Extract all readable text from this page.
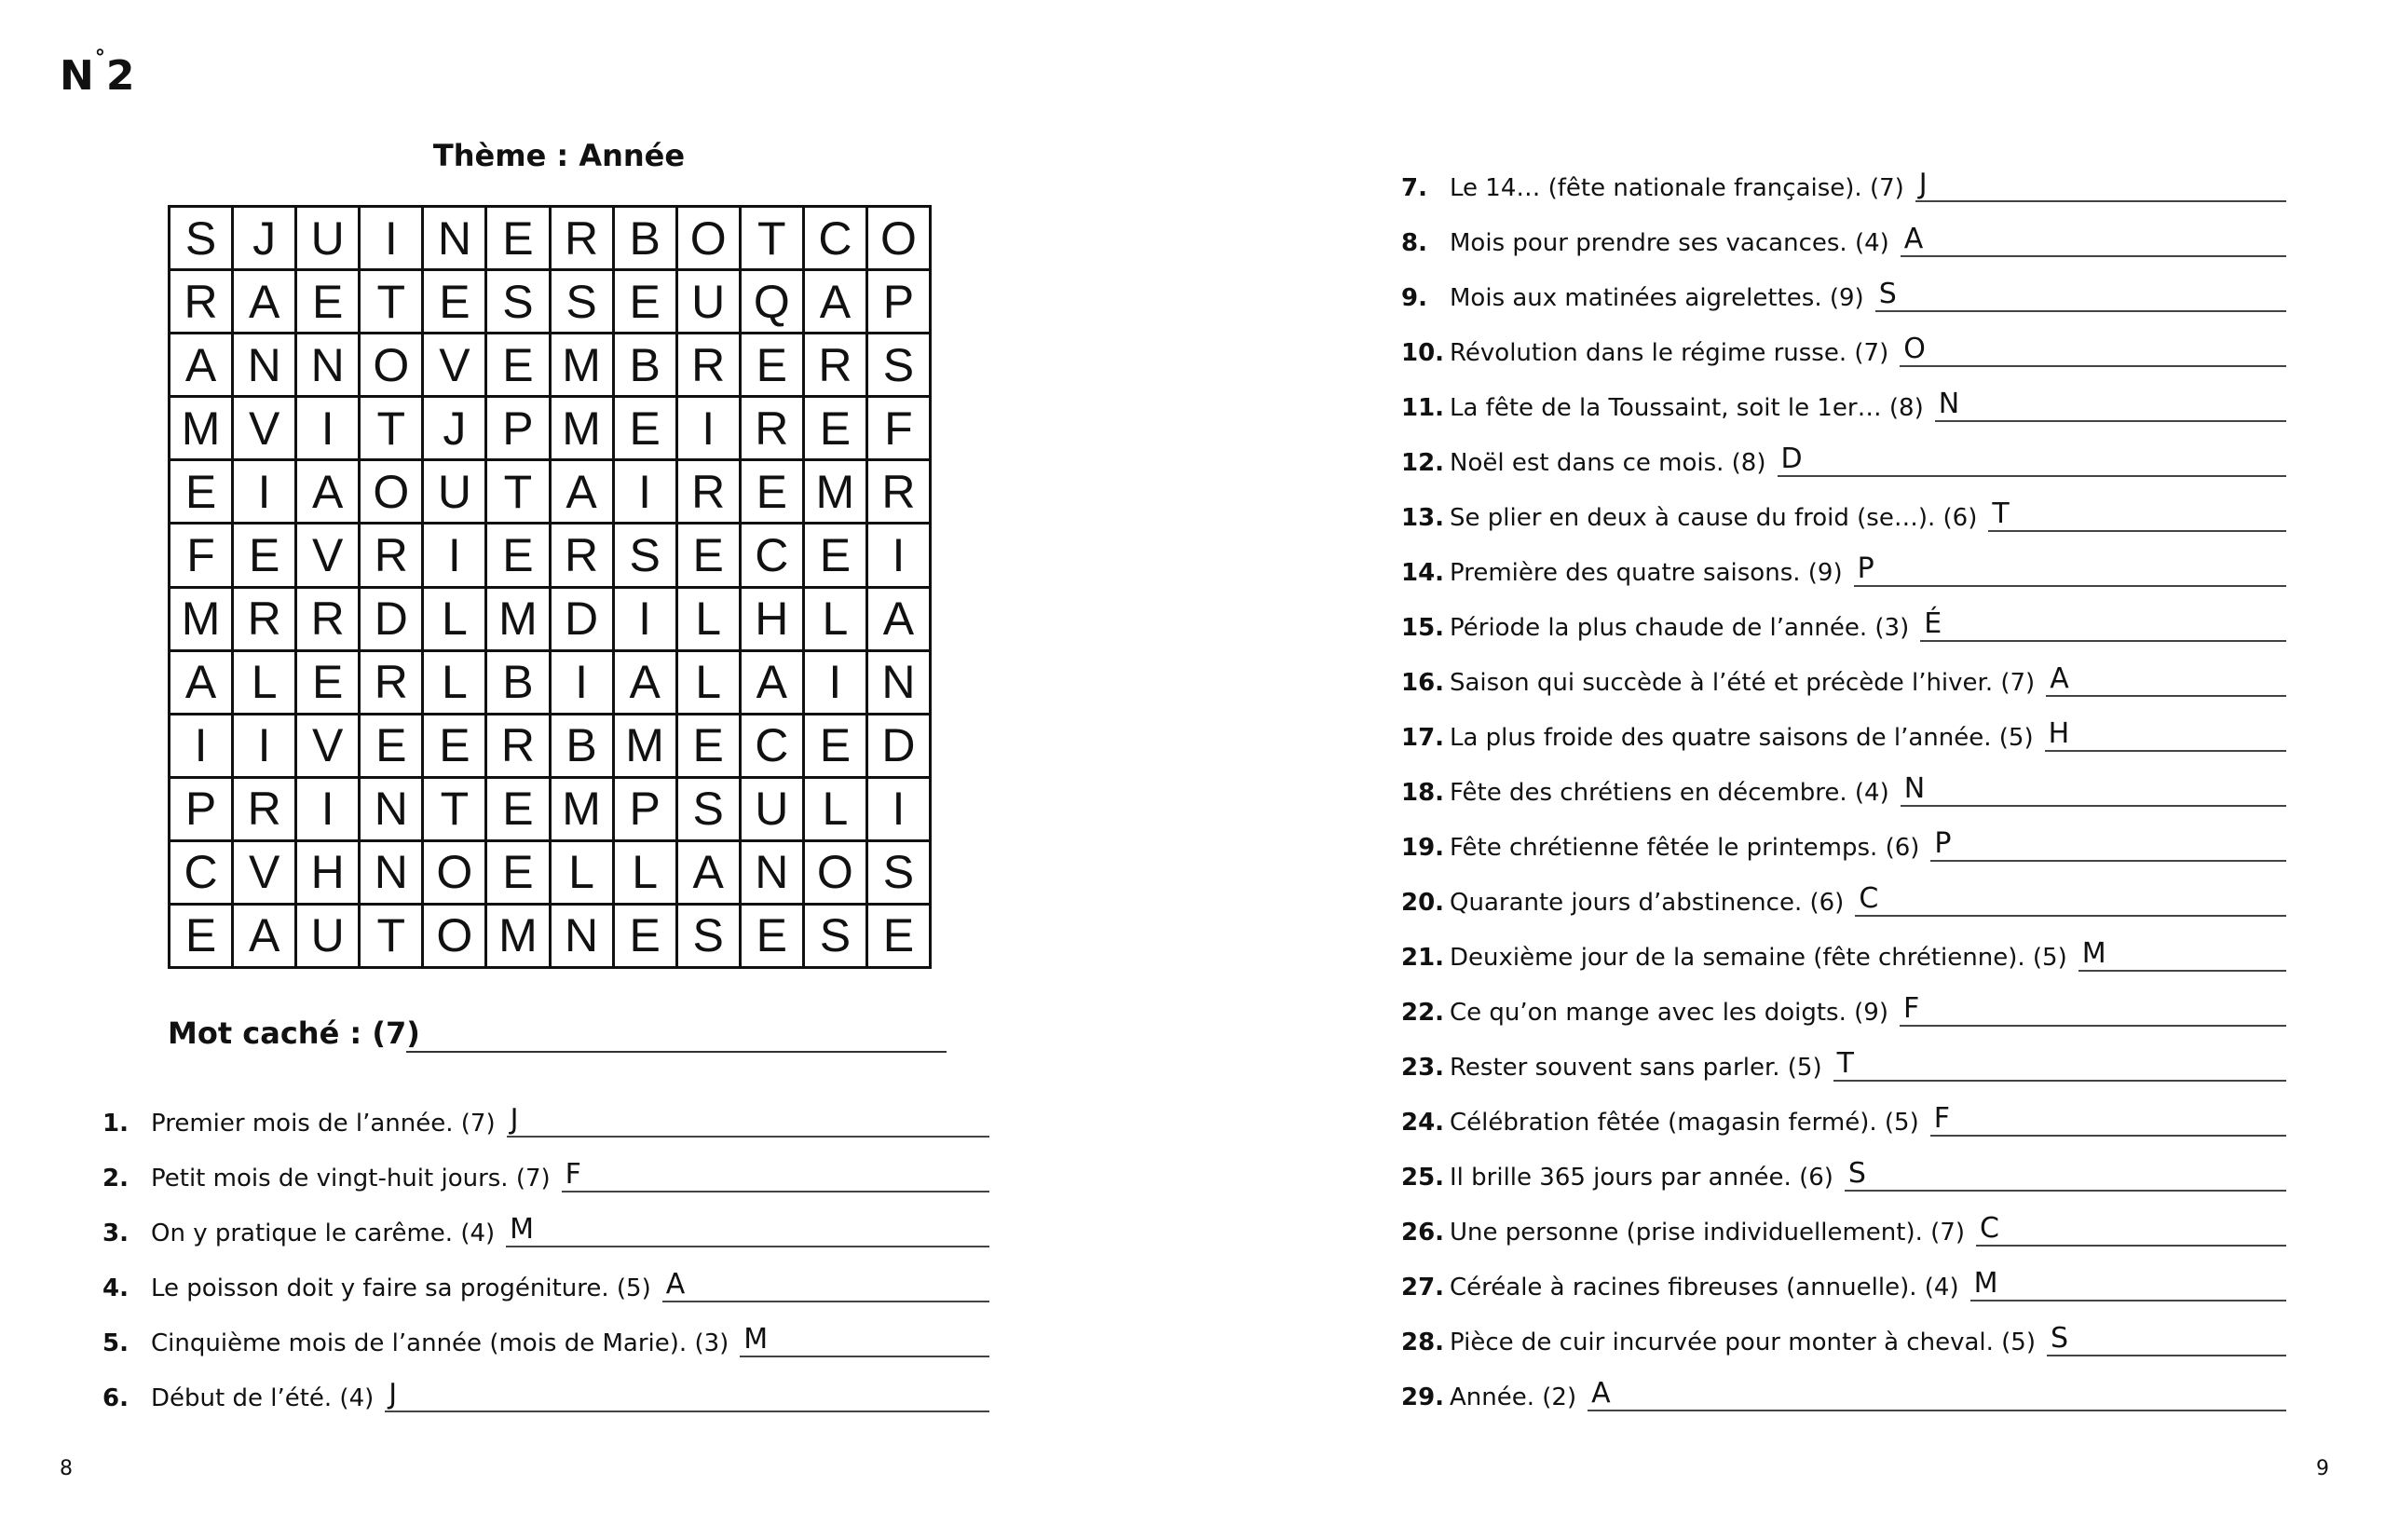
N°2
Thème : Année
S J U I N E R B O T C O
R A E T E S S E U Q A P
A N N O V E M B R E R S
M V I T J P M E I R E F
E I A O U T A I R E M R
F E V R I E R S E C E I
M R R D L M D I L H L A
A L E R L B I A L A I N
I	I V E E R B M E C E D
P R I N T E M P S U L I
C V H N O E L L A N O S
E A U T O M N E S E S E
Mot caché : (7)
1. Premier mois de l’année. (7) J
2. Petit mois de vingt-huit jours. (7) F
3. On y pratique le carême. (4) M
4. Le poisson doit y faire sa progéniture. (5) A
5. Cinquième mois de l’année (mois de Marie). (3) M
6. Début de l’été. (4) J
7. Le 14… (fête nationale française). (7) J
8. Mois pour prendre ses vacances. (4) A
9. Mois aux matinées aigrelettes. (9) S
10. Révolution dans le régime russe. (7) O
11. La fête de la Toussaint, soit le 1er… (8) N
12. Noël est dans ce mois. (8) D
13. Se plier en deux à cause du froid (se…). (6) T
14. Première des quatre saisons. (9) P
15. Période la plus chaude de l’année. (3) É
16. Saison qui succède à l’été et précède l’hiver. (7) A
17. La plus froide des quatre saisons de l’année. (5) H
18. Fête des chrétiens en décembre. (4) N
19. Fête chrétienne fêtée le printemps. (6) P
20. Quarante jours d’abstinence. (6) C
21. Deuxième jour de la semaine (fête chrétienne). (5) M
22. Ce qu’on mange avec les doigts. (9) F
23. Rester souvent sans parler. (5) T
24. Célébration fêtée (magasin fermé). (5) F
25. Il brille 365 jours par année. (6) S
26. Une personne (prise individuellement). (7) C
27. Céréale à racines fibreuses (annuelle). (4) M
28. Pièce de cuir incurvée pour monter à cheval. (5) S
29. Année. (2) A
8	9
